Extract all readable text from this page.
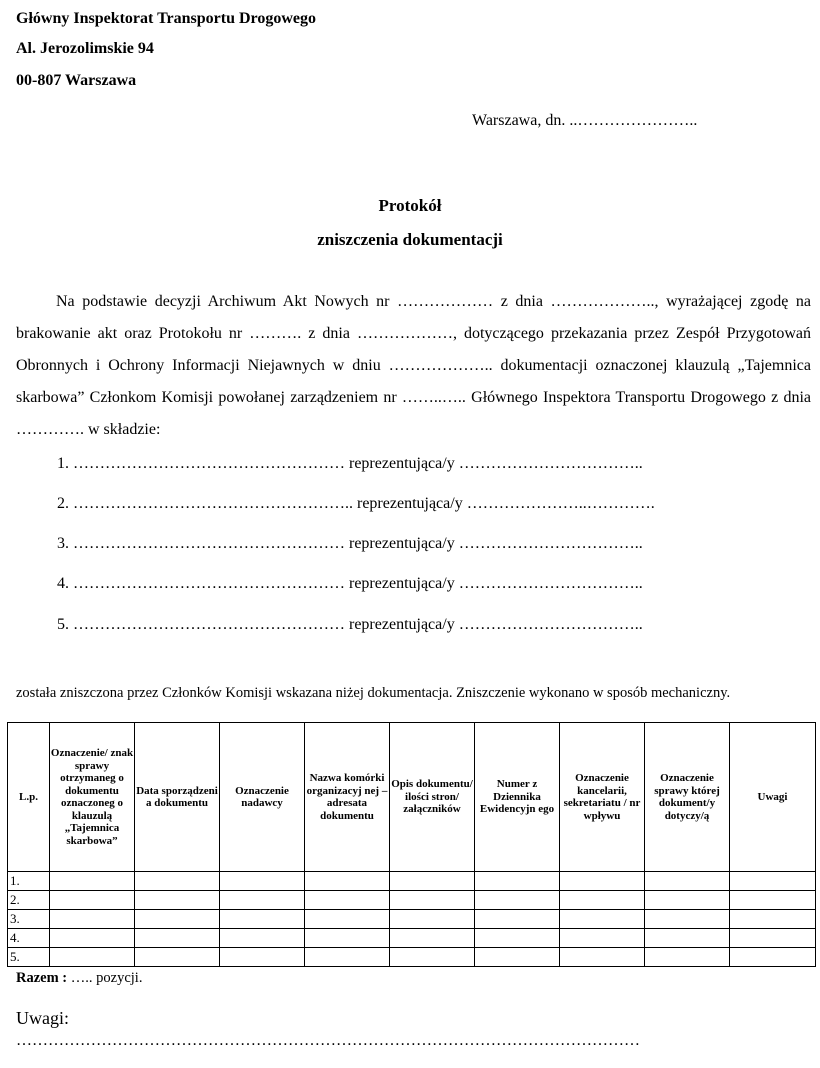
Główny Inspektorat Transportu Drogowego
Al. Jerozolimskie 94
00-807 Warszawa
Warszawa, dn. ..…………………..
Protokół
zniszczenia dokumentacji
Na podstawie decyzji Archiwum Akt Nowych nr ……………… z dnia ……………….., wyrażającej zgodę na brakowanie akt oraz Protokołu nr ………. z dnia ………………, dotyczącego przekazania przez Zespół Przygotowań Obronnych i Ochrony Informacji Niejawnych w dniu ……………….. dokumentacji oznaczonej klauzulą „Tajemnica skarbowa” Członkom Komisji powołanej zarządzeniem nr ……..….. Głównego Inspektora Transportu Drogowego z dnia …………. w składzie:
1. …………………………………………… reprezentująca/y ……………………………..
2. …………………………………………….. reprezentująca/y …………………..………….
3. …………………………………………… reprezentująca/y ……………………………..
4. …………………………………………… reprezentująca/y ……………………………..
5. …………………………………………… reprezentująca/y ……………………………..
została zniszczona przez Członków Komisji wskazana niżej dokumentacja. Zniszczenie wykonano w sposób mechaniczny.
L.p.	Oznaczenie/ znak sprawy otrzymaneg o dokumentu oznaczoneg o klauzulą „Tajemnica skarbowa”	Data sporządzeni a dokumentu	Oznaczenie nadawcy	Nazwa komórki organizacyj nej – adresata dokumentu	Opis dokumentu/ ilości stron/ załączników	Numer z Dziennika Ewidencyjn ego	Oznaczenie kancelarii, sekretariatu / nr wpływu	Oznaczenie sprawy której dokument/y dotyczy/ą	Uwagi
1.									
2.									
3.									
4.									
5.									
Razem : ….. pozycji.
Uwagi:
………………………………………………………………………………………………………
